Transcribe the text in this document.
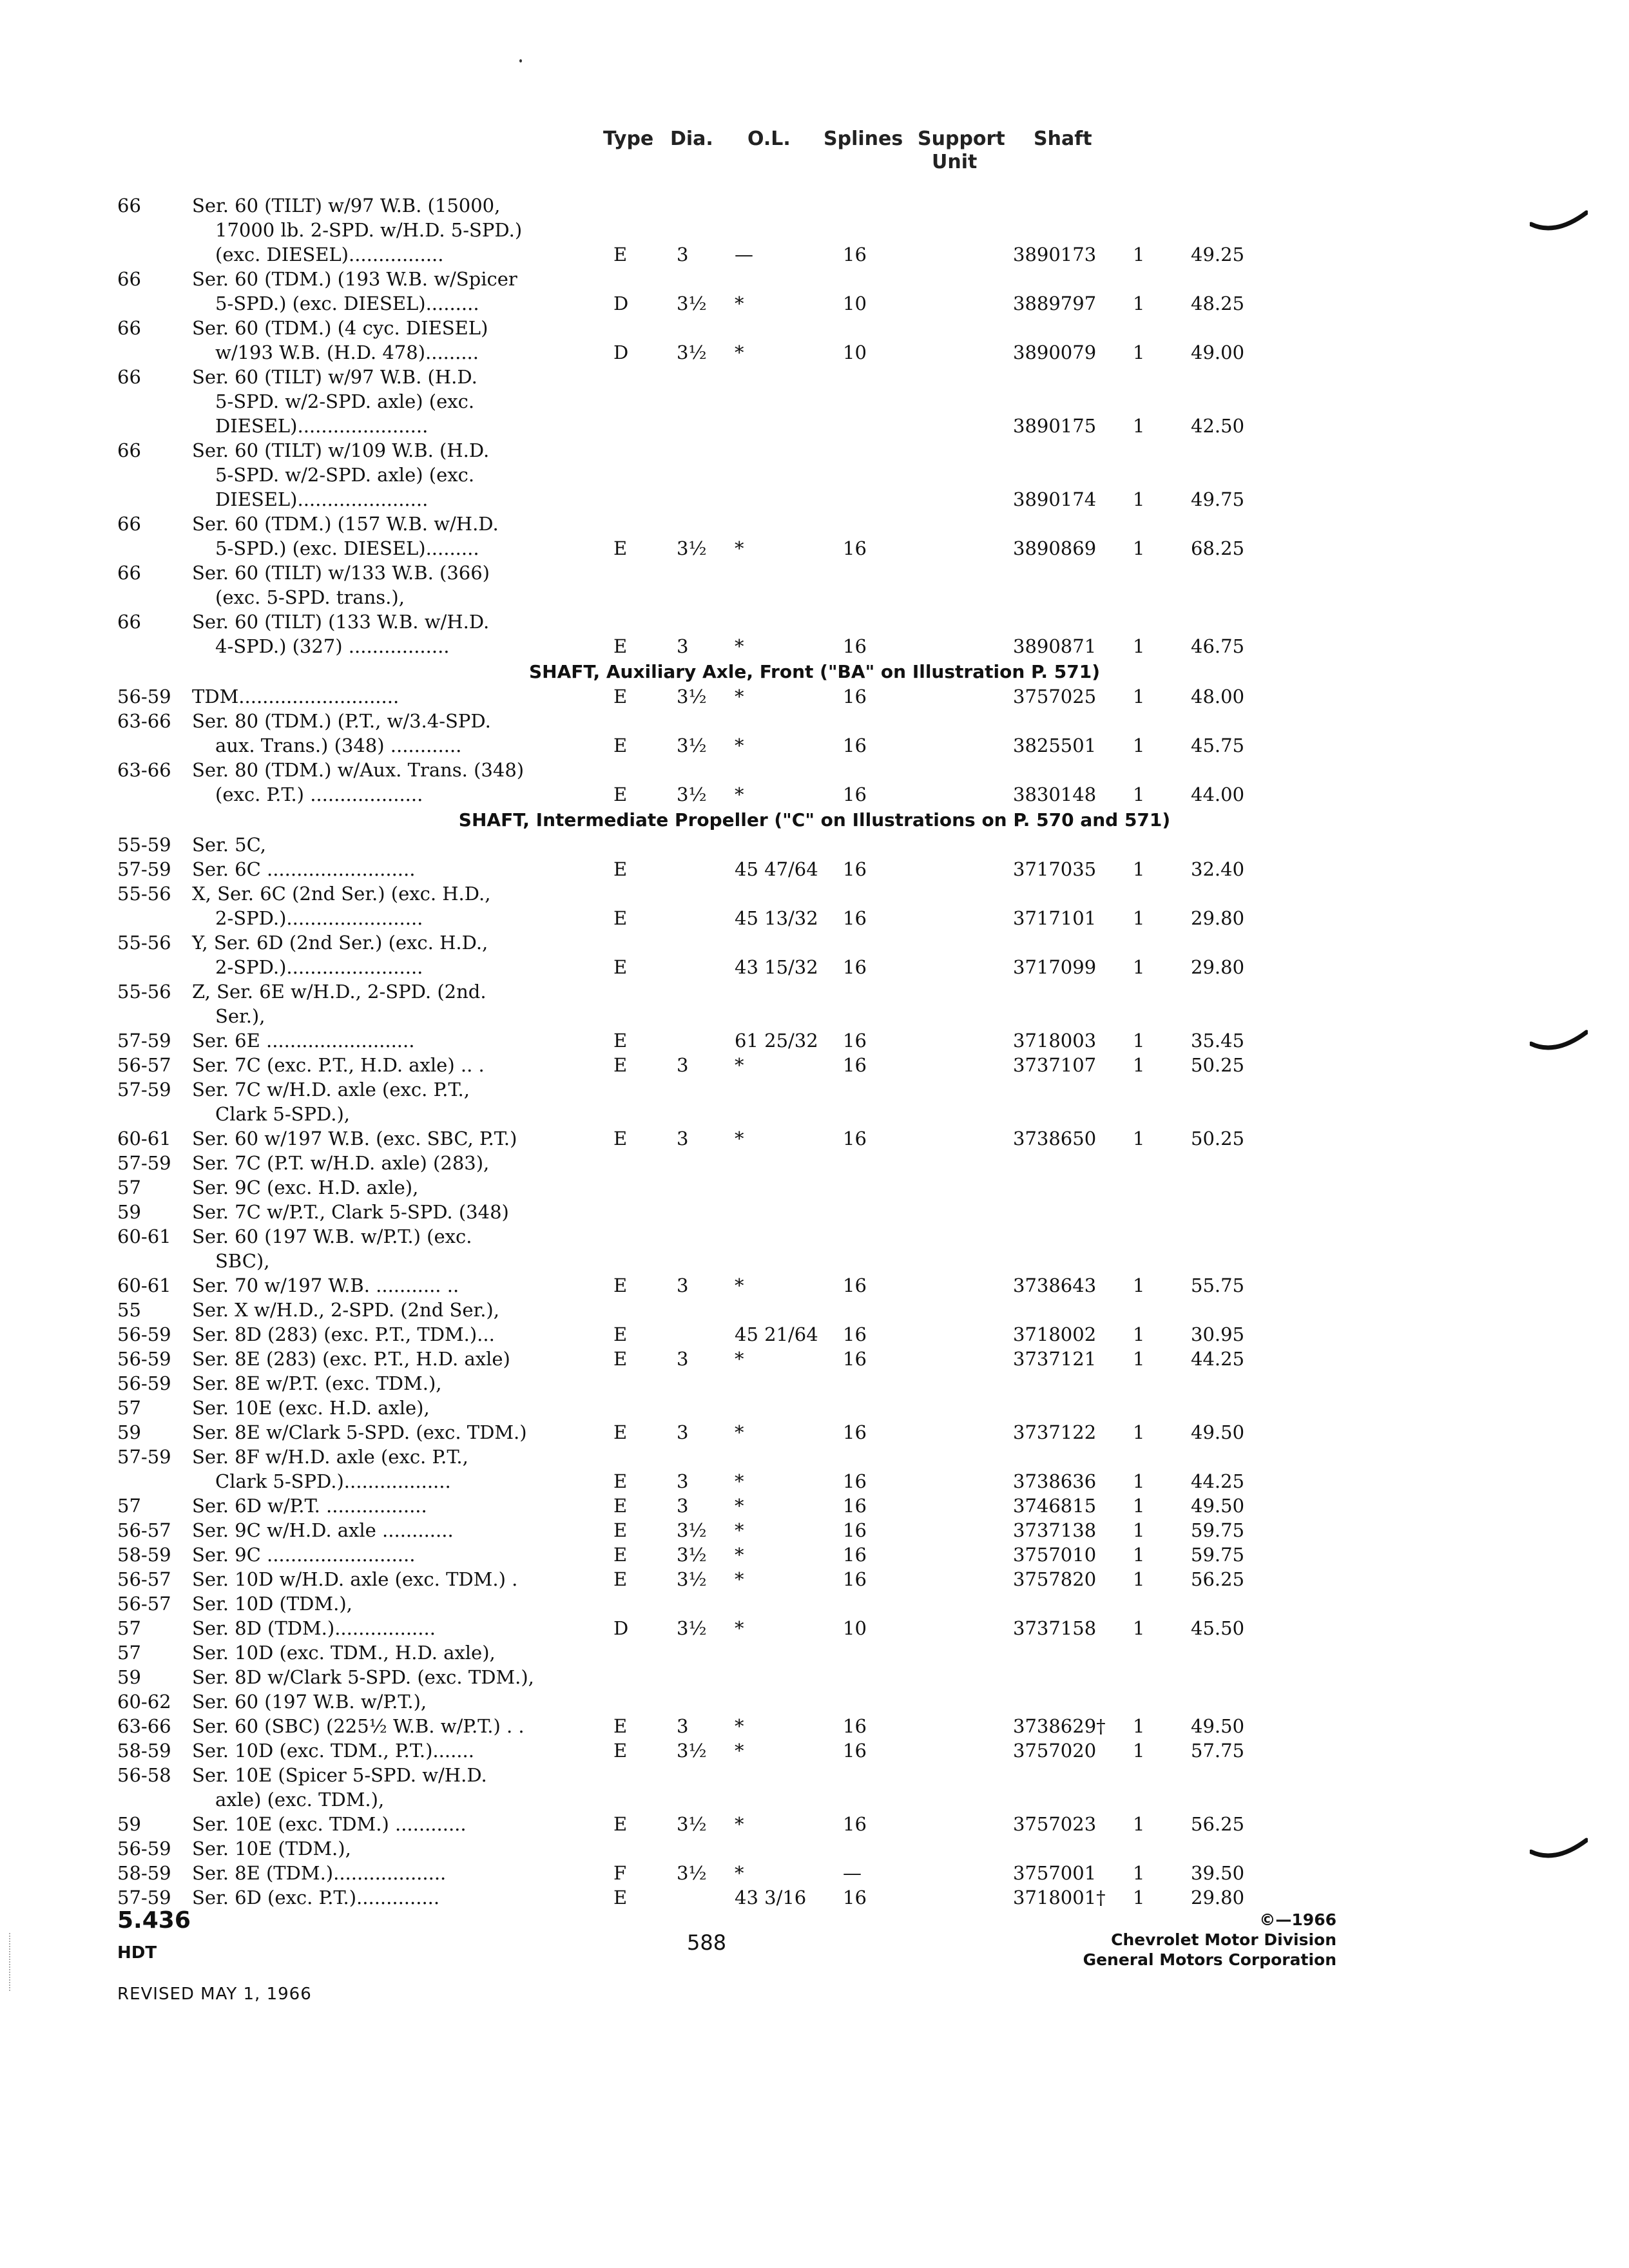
Type Dia. O.L. Splines Support
Unit
Shaft
66	Ser. 60 (TILT) w/97 W.B. (15000,
17000 lb. 2-SPD. w/H.D. 5-SPD.)
(exc. DIESEL)................	E	3 —	16	3890173 1 49.25
66	Ser. 60 (TDM.) (193 W.B. w/Spicer
5-SPD.) (exc. DIESEL).........	D	3½ *	10	3889797 1 48.25
66	Ser. 60 (TDM.) (4 cyc. DIESEL)
w/193 W.B. (H.D. 478).........	D	3½ *	10	3890079 1 49.00
66	Ser. 60 (TILT) w/97 W.B. (H.D.
5-SPD. w/2-SPD. axle) (exc.
DIESEL)......................	3890175 1 42.50
66	Ser. 60 (TILT) w/109 W.B. (H.D.
5-SPD. w/2-SPD. axle) (exc.
DIESEL)......................	3890174 1 49.75
66	Ser. 60 (TDM.) (157 W.B. w/H.D.
5-SPD.) (exc. DIESEL).........	E	3½ *	16	3890869 1 68.25
66	Ser. 60 (TILT) w/133 W.B. (366)
(exc. 5-SPD. trans.),
66	Ser. 60 (TILT) (133 W.B. w/H.D.
4-SPD.) (327) .................	E	3 *	16	3890871 1 46.75
SHAFT, Auxiliary Axle, Front ("BA" on Illustration P. 571)
56-59 TDM...........................	E	3½ *	16	3757025 1 48.00
63-66 Ser. 80 (TDM.) (P.T., w/3.4-SPD.
aux. Trans.) (348) ............	E	3½ *	16	3825501 1 45.75
63-66 Ser. 80 (TDM.) w/Aux. Trans. (348)
(exc. P.T.) ...................	E	3½ *	16	3830148 1 44.00
SHAFT, Intermediate Propeller ("C" on Illustrations on P. 570 and 571)
55-59 Ser. 5C,
57-59 Ser. 6C .........................	E	45 47/64 16	3717035 1 32.40
55-56 X, Ser. 6C (2nd Ser.) (exc. H.D.,
2-SPD.).......................	E	45 13/32 16	3717101 1 29.80
55-56 Y, Ser. 6D (2nd Ser.) (exc. H.D.,
2-SPD.).......................	E	43 15/32 16	3717099 1 29.80
55-56 Z, Ser. 6E w/H.D., 2-SPD. (2nd.
Ser.),
57-59 Ser. 6E .........................	E	61 25/32 16	3718003 1 35.45
56-57 Ser. 7C (exc. P.T., H.D. axle) .. .	E	3 *	16	3737107 1 50.25
57-59 Ser. 7C w/H.D. axle (exc. P.T.,
Clark 5-SPD.),
60-61 Ser. 60 w/197 W.B. (exc. SBC, P.T.)	E	3 *	16	3738650 1 50.25
57-59 Ser. 7C (P.T. w/H.D. axle) (283),
57	Ser. 9C (exc. H.D. axle),
59	Ser. 7C w/P.T., Clark 5-SPD. (348)
60-61 Ser. 60 (197 W.B. w/P.T.) (exc.
SBC),
60-61 Ser. 70 w/197 W.B. ........... ..	E	3 *	16	3738643 1 55.75
55	Ser. X w/H.D., 2-SPD. (2nd Ser.),
56-59 Ser. 8D (283) (exc. P.T., TDM.)...	E	45 21/64 16	3718002 1 30.95
56-59 Ser. 8E (283) (exc. P.T., H.D. axle)	E	3 *	16	3737121 1 44.25
56-59 Ser. 8E w/P.T. (exc. TDM.),
57	Ser. 10E (exc. H.D. axle),
59	Ser. 8E w/Clark 5-SPD. (exc. TDM.)	E	3 *	16	3737122 1 49.50
57-59 Ser. 8F w/H.D. axle (exc. P.T.,
Clark 5-SPD.)..................	E	3 *	16	3738636 1 44.25
57	Ser. 6D w/P.T. .................	E	3 *	16	3746815 1 49.50
56-57 Ser. 9C w/H.D. axle ............	E	3½ *	16	3737138 1 59.75
58-59 Ser. 9C .........................	E	3½ *	16	3757010 1 59.75
56-57 Ser. 10D w/H.D. axle (exc. TDM.) .	E	3½ *	16	3757820 1 56.25
56-57 Ser. 10D (TDM.),
57	Ser. 8D (TDM.).................	D	3½ *	10	3737158 1 45.50
57	Ser. 10D (exc. TDM., H.D. axle),
59	Ser. 8D w/Clark 5-SPD. (exc. TDM.),
60-62 Ser. 60 (197 W.B. w/P.T.),
63-66 Ser. 60 (SBC) (225½ W.B. w/P.T.) . .	E	3 *	16	3738629† 1 49.50
58-59 Ser. 10D (exc. TDM., P.T.).......	E	3½ *	16	3757020 1 57.75
56-58 Ser. 10E (Spicer 5-SPD. w/H.D.
axle) (exc. TDM.),
59	Ser. 10E (exc. TDM.) ............	E	3½ *	16	3757023 1 56.25
56-59 Ser. 10E (TDM.),
58-59 Ser. 8E (TDM.)...................	F	3½ *	—	3757001 1 39.50
57-59 Ser. 6D (exc. P.T.)..............	E	43 3/16 16	3718001† 1 29.80
5.436
HDT	588
REVISED MAY 1, 1966
©—1966
Chevrolet Motor Division
General Motors Corporation
